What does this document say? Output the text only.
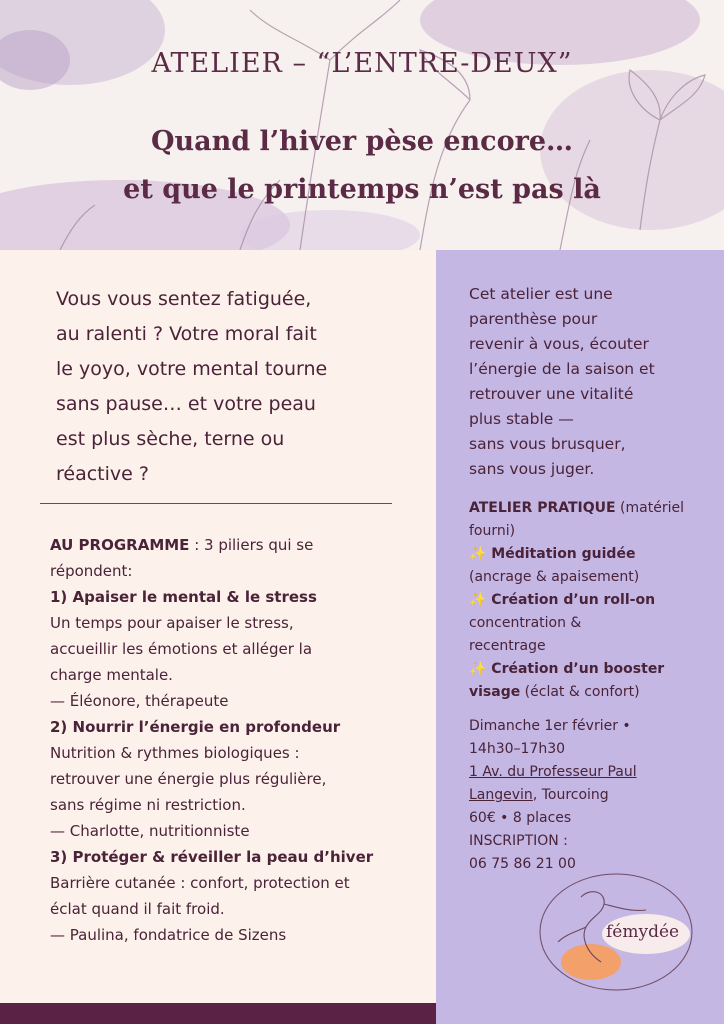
ATELIER – “L’ENTRE-DEUX”
Quand l’hiver pèse encore…
et que le printemps n’est pas là
Vous vous sentez fatiguée,
au ralenti ? Votre moral fait
le yoyo, votre mental tourne
sans pause… et votre peau
est plus sèche, terne ou
réactive ?
AU PROGRAMME : 3 piliers qui se
répondent:
1) Apaiser le mental & le stress
Un temps pour apaiser le stress,
accueillir les émotions et alléger la
charge mentale.
— Éléonore, thérapeute
2) Nourrir l’énergie en profondeur
Nutrition & rythmes biologiques :
retrouver une énergie plus régulière,
sans régime ni restriction.
— Charlotte, nutritionniste
3) Protéger & réveiller la peau d’hiver
Barrière cutanée : confort, protection et
éclat quand il fait froid.
— Paulina, fondatrice de Sizens
Cet atelier est une
parenthèse pour
revenir à vous, écouter
l’énergie de la saison et
retrouver une vitalité
plus stable —
sans vous brusquer,
sans vous juger.
ATELIER PRATIQUE (matériel
fourni)
✨ Méditation guidée
(ancrage & apaisement)
✨ Création d’un roll-on
concentration &
recentrage
✨ Création d’un booster
visage (éclat & confort)
Dimanche 1er février •
14h30–17h30
1 Av. du Professeur Paul
Langevin, Tourcoing
60€ • 8 places
INSCRIPTION :
06 75 86 21 00
fémydée
